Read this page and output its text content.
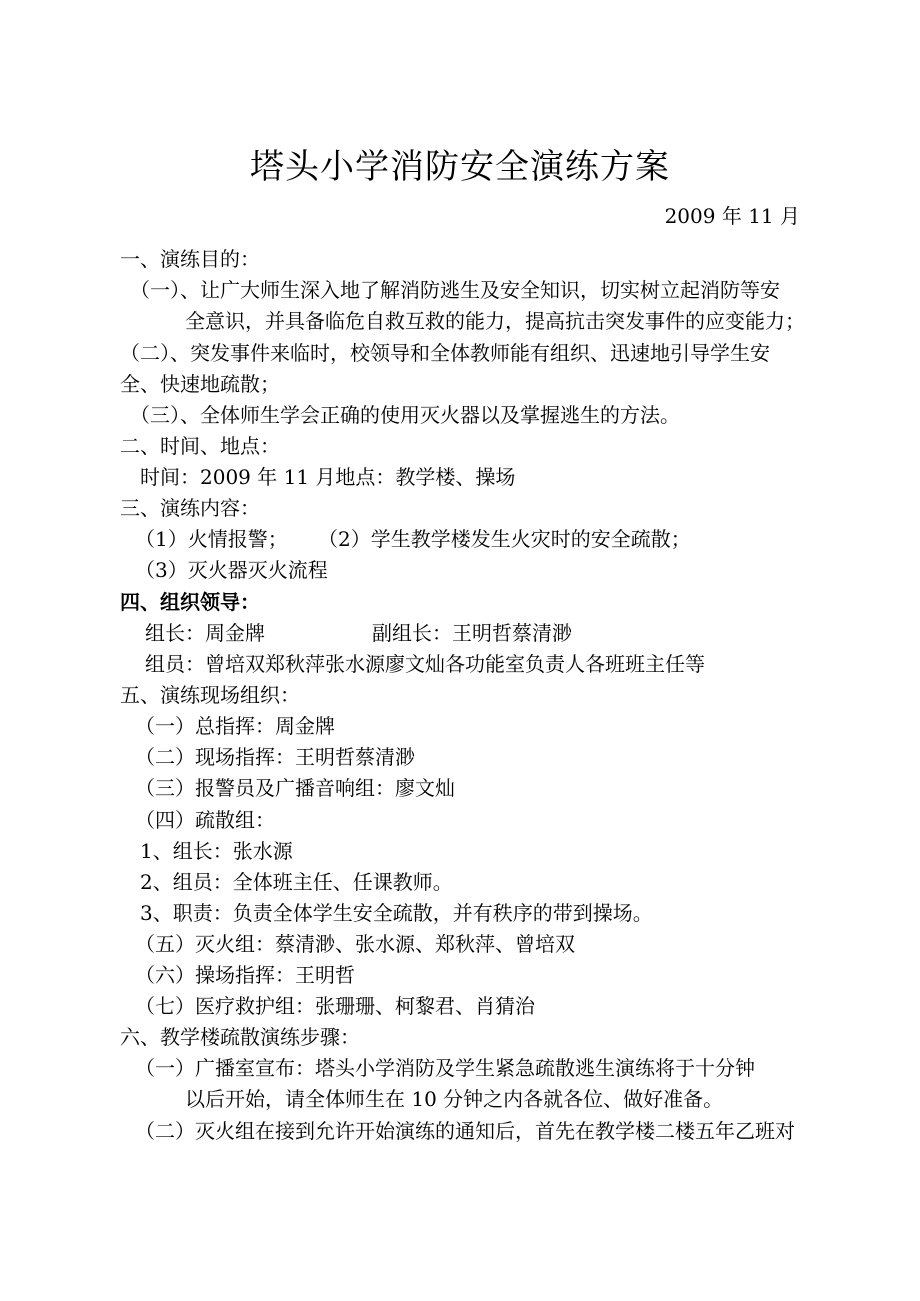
塔头小学消防安全演练方案
2009 年 11 月
一、演练目的：
（一）、让广大师生深入地了解消防逃生及安全知识，切实树立起消防等安
全意识，并具备临危自救互救的能力，提高抗击突发事件的应变能力；
（二）、突发事件来临时，校领导和全体教师能有组织、迅速地引导学生安
全、快速地疏散；
（三）、全体师生学会正确的使用灭火器以及掌握逃生的方法。
二、时间、地点：
时间：2009 年 11 月地点：教学楼、操场
三、演练内容：
（1）火情报警； （2）学生教学楼发生火灾时的安全疏散；
（3）灭火器灭火流程
四、组织领导：
组长：周金牌	副组长：王明哲蔡清渺
组员：曾培双郑秋萍张水源廖文灿各功能室负责人各班班主任等
五、演练现场组织：
（一）总指挥：周金牌
（二）现场指挥：王明哲蔡清渺
（三）报警员及广播音响组：廖文灿
（四）疏散组：
1、组长：张水源
2、组员：全体班主任、任课教师。
3、职责：负责全体学生安全疏散，并有秩序的带到操场。
（五）灭火组：蔡清渺、张水源、郑秋萍、曾培双
（六）操场指挥：王明哲
（七）医疗救护组：张珊珊、柯黎君、肖猜治
六、教学楼疏散演练步骤：
（一）广播室宣布：塔头小学消防及学生紧急疏散逃生演练将于十分钟
以后开始，请全体师生在 10 分钟之内各就各位、做好准备。
（二）灭火组在接到允许开始演练的通知后，首先在教学楼二楼五年乙班对
